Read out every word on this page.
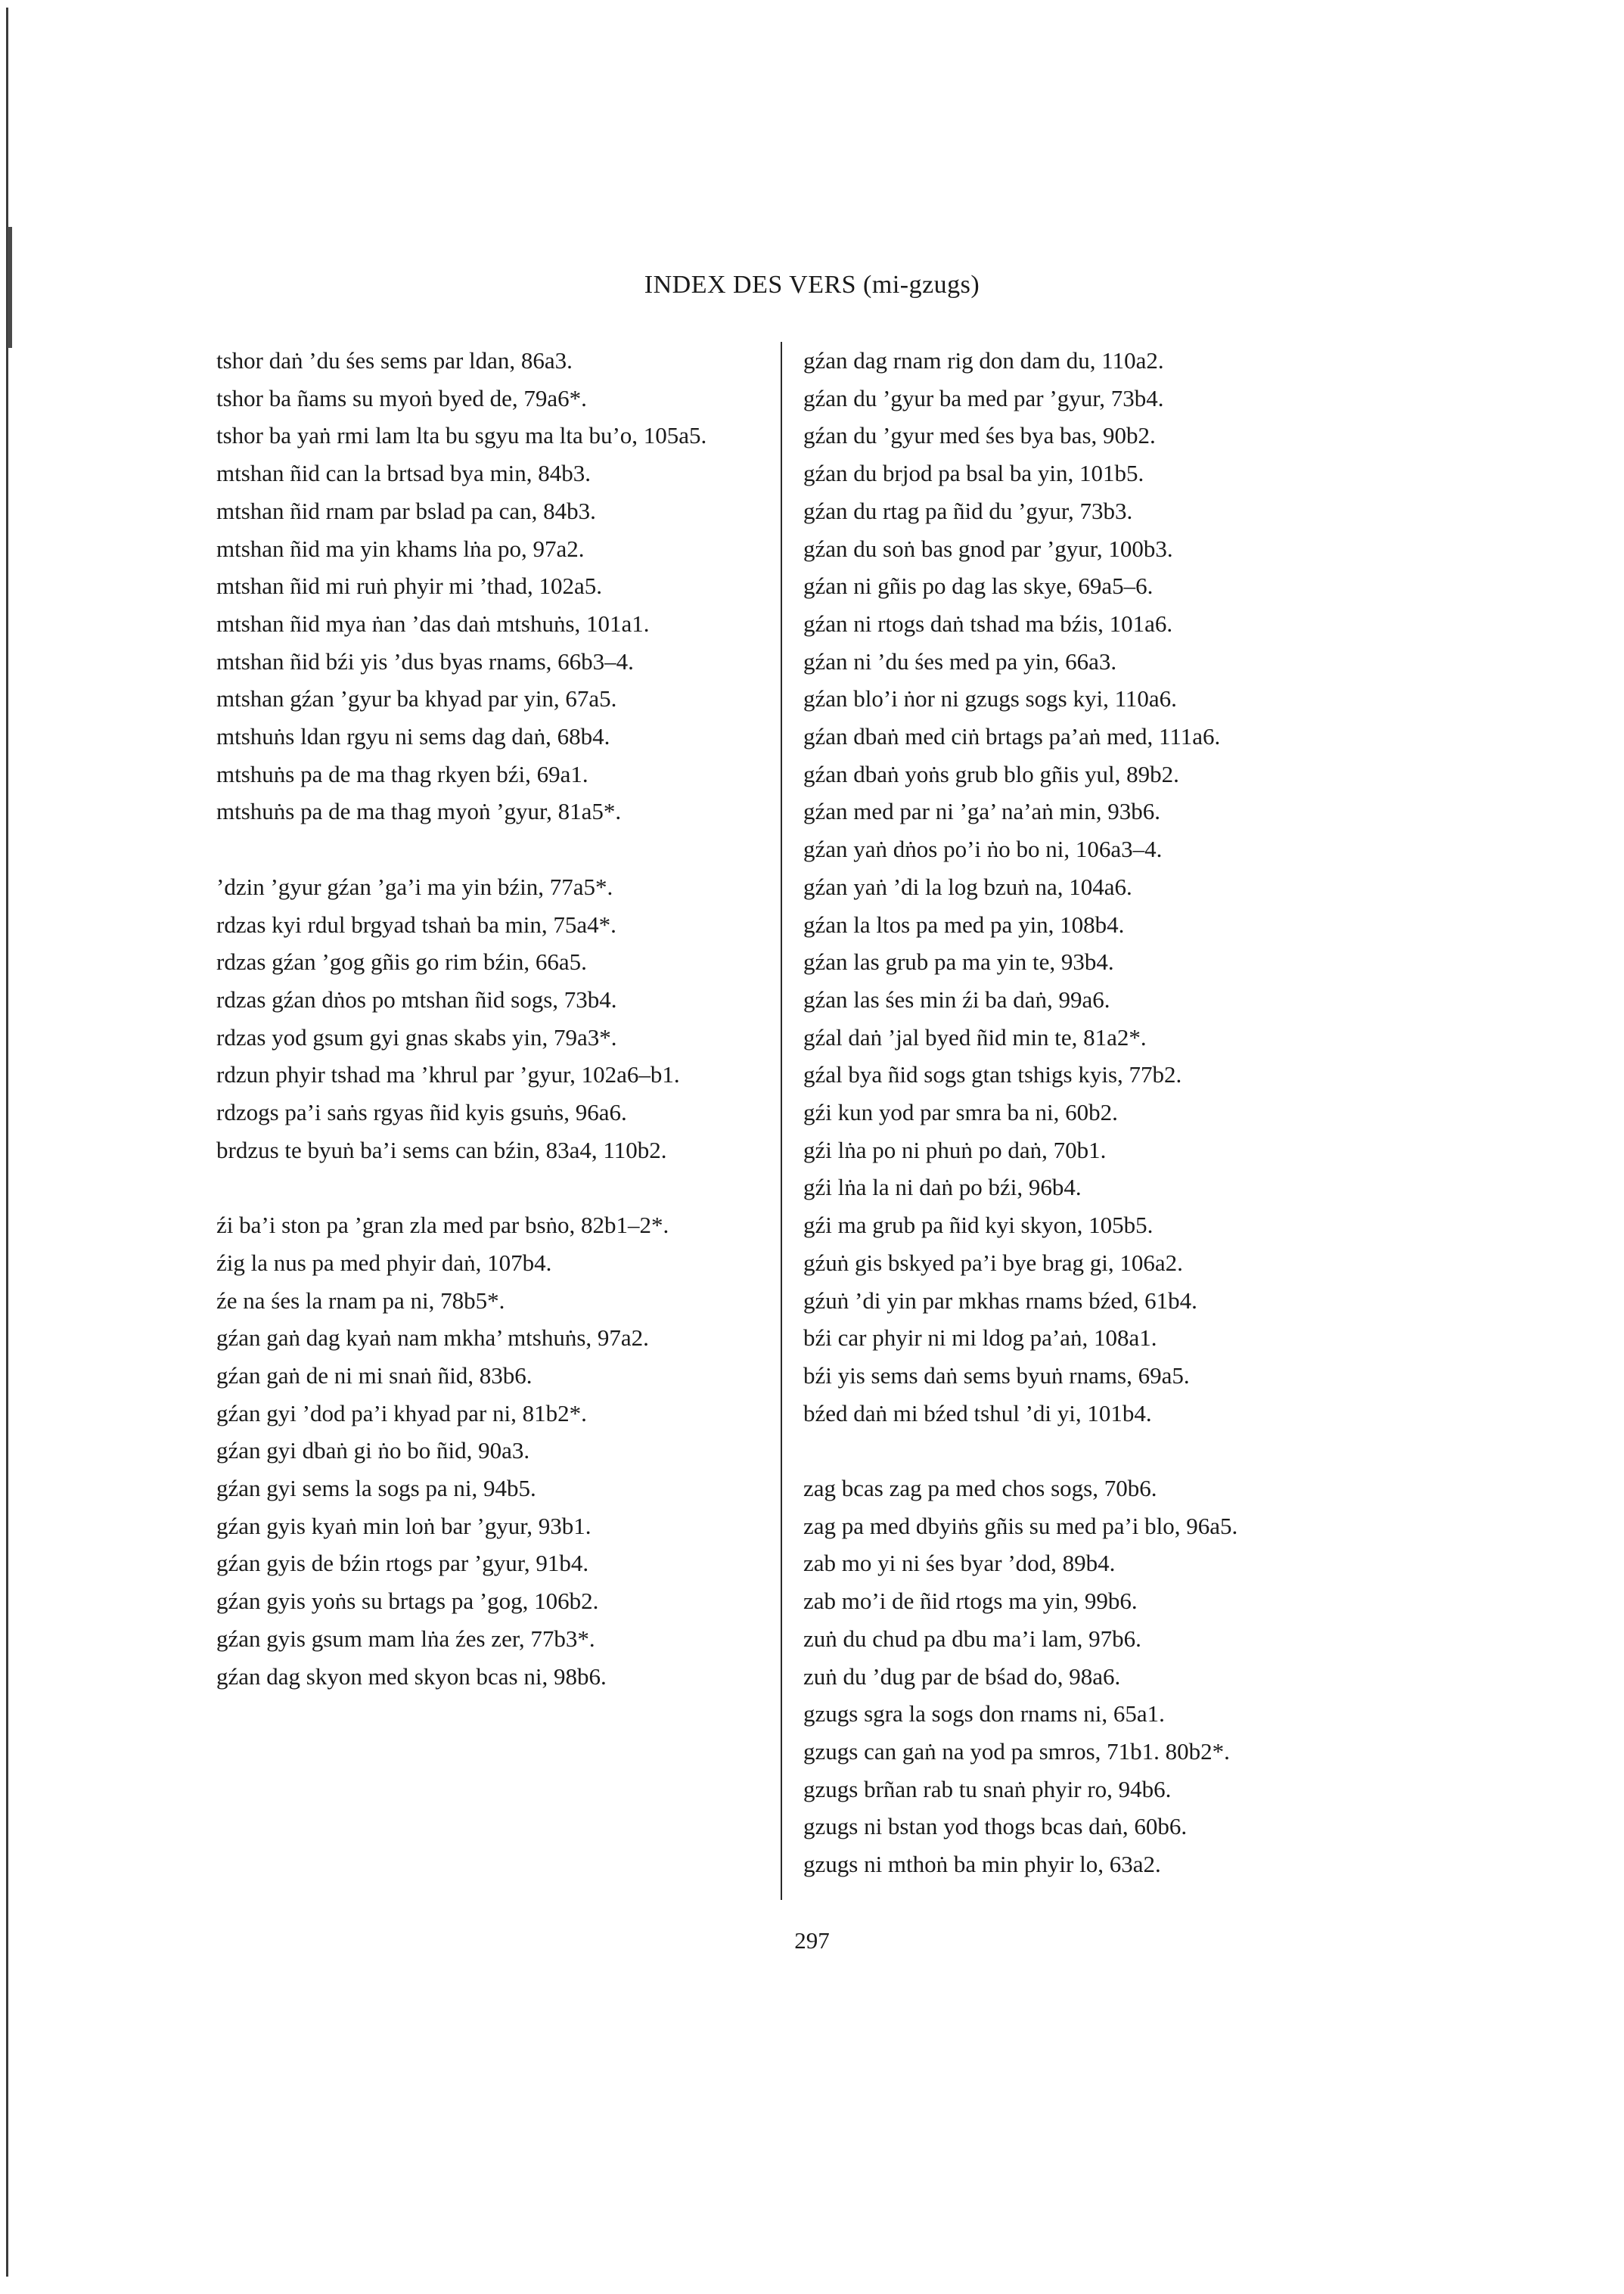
INDEX DES VERS (mi-gzugs)
tshor daṅ ’du śes sems par ldan, 86a3.
tshor ba ñams su myoṅ byed de, 79a6*.
tshor ba yaṅ rmi lam lta bu sgyu ma lta bu’o, 105a5.
mtshan ñid can la brtsad bya min, 84b3.
mtshan ñid rnam par bslad pa can, 84b3.
mtshan ñid ma yin khams lṅa po, 97a2.
mtshan ñid mi ruṅ phyir mi ’thad, 102a5.
mtshan ñid mya ṅan ’das daṅ mtshuṅs, 101a1.
mtshan ñid bźi yis ’dus byas rnams, 66b3–4.
mtshan gźan ’gyur ba khyad par yin, 67a5.
mtshuṅs ldan rgyu ni sems dag daṅ, 68b4.
mtshuṅs pa de ma thag rkyen bźi, 69a1.
mtshuṅs pa de ma thag myoṅ ’gyur, 81a5*.
’dzin ’gyur gźan ’ga’i ma yin bźin, 77a5*.
rdzas kyi rdul brgyad tshaṅ ba min, 75a4*.
rdzas gźan ’gog gñis go rim bźin, 66a5.
rdzas gźan dṅos po mtshan ñid sogs, 73b4.
rdzas yod gsum gyi gnas skabs yin, 79a3*.
rdzun phyir tshad ma ’khrul par ’gyur, 102a6–b1.
rdzogs pa’i saṅs rgyas ñid kyis gsuṅs, 96a6.
brdzus te byuṅ ba’i sems can bźin, 83a4, 110b2.
źi ba’i ston pa ’gran zla med par bsṅo, 82b1–2*.
źig la nus pa med phyir daṅ, 107b4.
źe na śes la rnam pa ni, 78b5*.
gźan gaṅ dag kyaṅ nam mkha’ mtshuṅs, 97a2.
gźan gaṅ de ni mi snaṅ ñid, 83b6.
gźan gyi ’dod pa’i khyad par ni, 81b2*.
gźan gyi dbaṅ gi ṅo bo ñid, 90a3.
gźan gyi sems la sogs pa ni, 94b5.
gźan gyis kyaṅ min loṅ bar ’gyur, 93b1.
gźan gyis de bźin rtogs par ’gyur, 91b4.
gźan gyis yoṅs su brtags pa ’gog, 106b2.
gźan gyis gsum mam lṅa źes zer, 77b3*.
gźan dag skyon med skyon bcas ni, 98b6.
gźan dag rnam rig don dam du, 110a2.
gźan du ’gyur ba med par ’gyur, 73b4.
gźan du ’gyur med śes bya bas, 90b2.
gźan du brjod pa bsal ba yin, 101b5.
gźan du rtag pa ñid du ’gyur, 73b3.
gźan du soṅ bas gnod par ’gyur, 100b3.
gźan ni gñis po dag las skye, 69a5–6.
gźan ni rtogs daṅ tshad ma bźis, 101a6.
gźan ni ’du śes med pa yin, 66a3.
gźan blo’i ṅor ni gzugs sogs kyi, 110a6.
gźan dbaṅ med ciṅ brtags pa’aṅ med, 111a6.
gźan dbaṅ yoṅs grub blo gñis yul, 89b2.
gźan med par ni ’ga’ na’aṅ min, 93b6.
gźan yaṅ dṅos po’i ṅo bo ni, 106a3–4.
gźan yaṅ ’di la log bzuṅ na, 104a6.
gźan la ltos pa med pa yin, 108b4.
gźan las grub pa ma yin te, 93b4.
gźan las śes min źi ba daṅ, 99a6.
gźal daṅ ’jal byed ñid min te, 81a2*.
gźal bya ñid sogs gtan tshigs kyis, 77b2.
gźi kun yod par smra ba ni, 60b2.
gźi lṅa po ni phuṅ po daṅ, 70b1.
gźi lṅa la ni daṅ po bźi, 96b4.
gźi ma grub pa ñid kyi skyon, 105b5.
gźuṅ gis bskyed pa’i bye brag gi, 106a2.
gźuṅ ’di yin par mkhas rnams bźed, 61b4.
bźi car phyir ni mi ldog pa’aṅ, 108a1.
bźi yis sems daṅ sems byuṅ rnams, 69a5.
bźed daṅ mi bźed tshul ’di yi, 101b4.
zag bcas zag pa med chos sogs, 70b6.
zag pa med dbyiṅs gñis su med pa’i blo, 96a5.
zab mo yi ni śes byar ’dod, 89b4.
zab mo’i de ñid rtogs ma yin, 99b6.
zuṅ du chud pa dbu ma’i lam, 97b6.
zuṅ du ’dug par de bśad do, 98a6.
gzugs sgra la sogs don rnams ni, 65a1.
gzugs can gaṅ na yod pa smros, 71b1. 80b2*.
gzugs brñan rab tu snaṅ phyir ro, 94b6.
gzugs ni bstan yod thogs bcas daṅ, 60b6.
gzugs ni mthoṅ ba min phyir lo, 63a2.
297
